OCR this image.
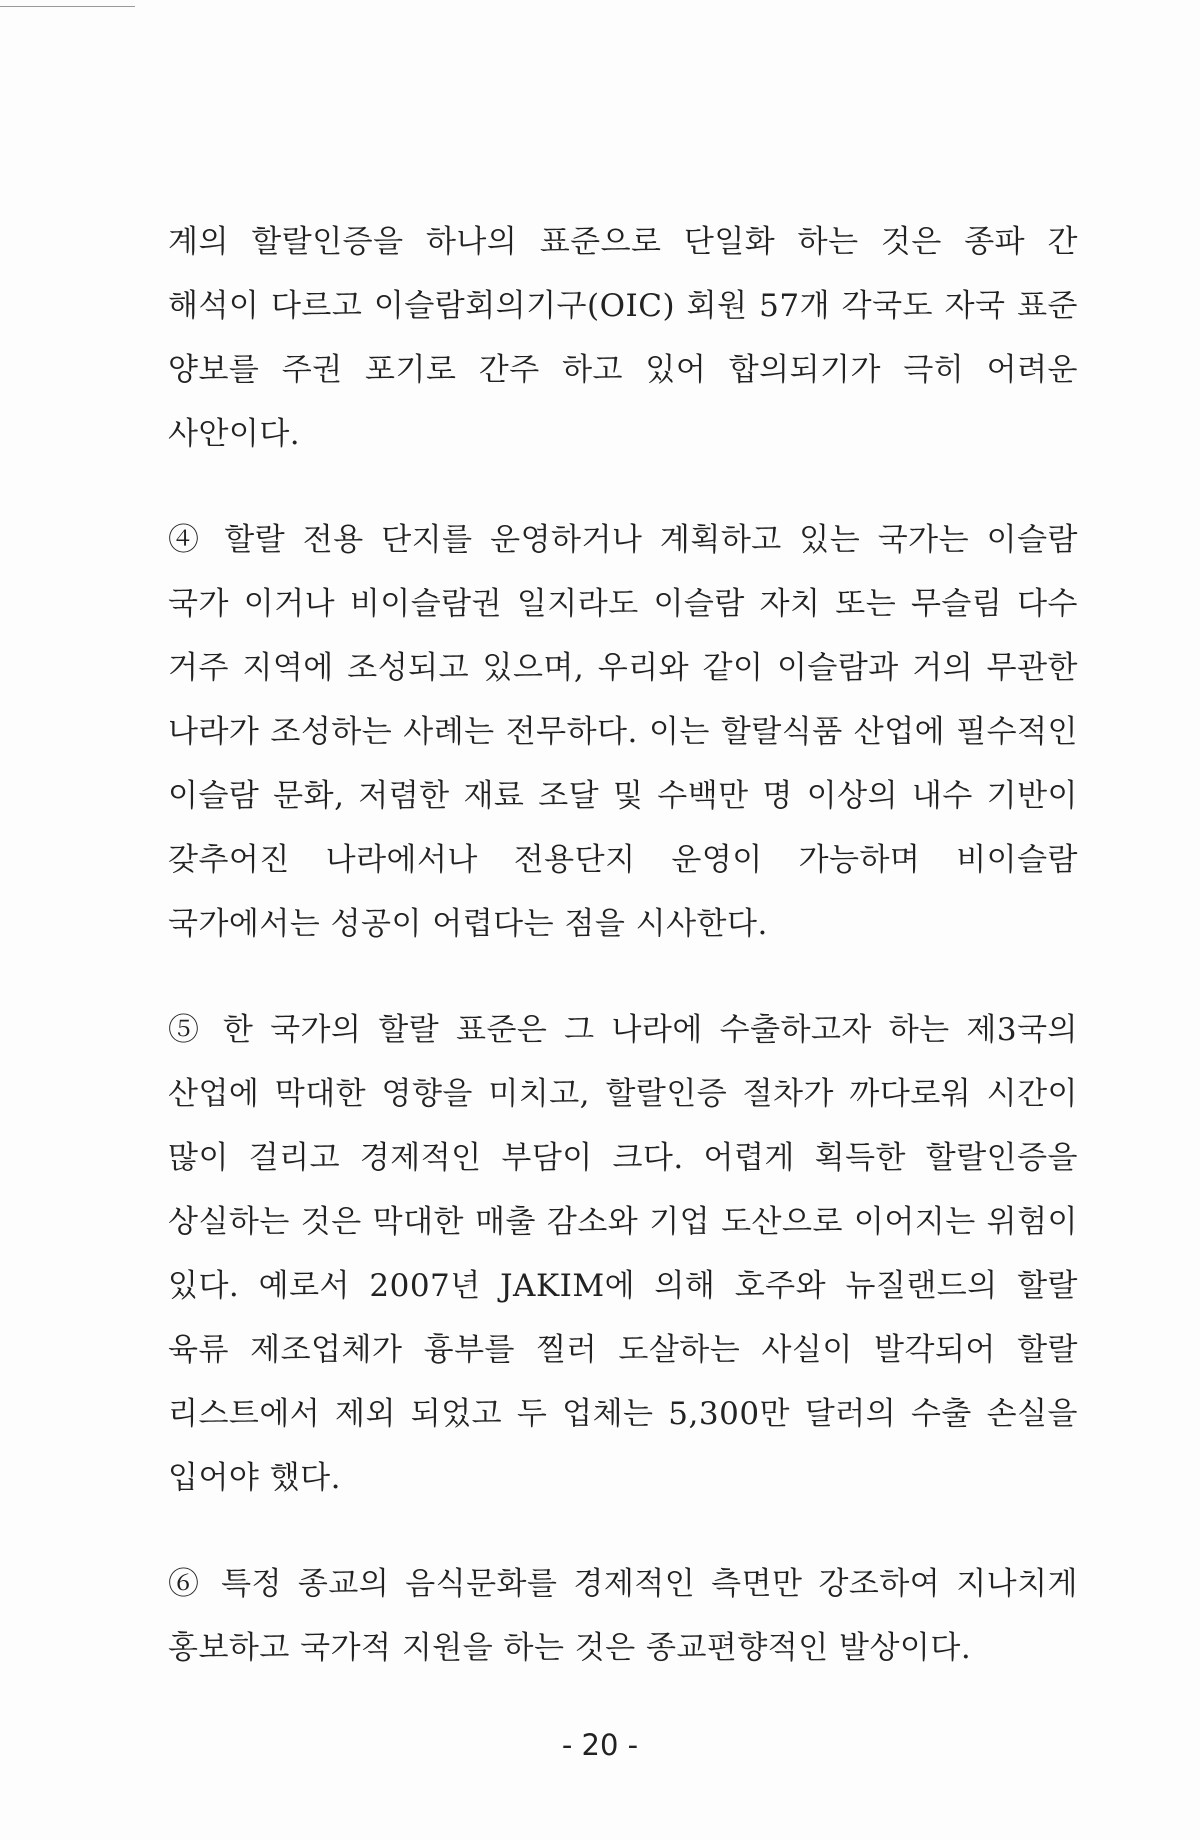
계의 할랄인증을 하나의 표준으로 단일화 하는 것은 종파 간 해석이 다르고 이슬람회의기구(OIC) 회원 57개 각국도 자국 표준 양보를 주권 포기로 간주 하고 있어 합의되기가 극히 어려운 사안이다.

④ 할랄 전용 단지를 운영하거나 계획하고 있는 국가는 이슬람 국가 이거나 비이슬람권 일지라도 이슬람 자치 또는 무슬림 다수 거주 지역에 조성되고 있으며, 우리와 같이 이슬람과 거의 무관한 나라가 조성하는 사례는 전무하다. 이는 할랄식품 산업에 필수적인 이슬람 문화, 저렴한 재료 조달 및 수백만 명 이상의 내수 기반이 갖추어진 나라에서나 전용단지 운영이 가능하며 비이슬람 국가에서는 성공이 어렵다는 점을 시사한다.

⑤ 한 국가의 할랄 표준은 그 나라에 수출하고자 하는 제3국의 산업에 막대한 영향을 미치고, 할랄인증 절차가 까다로워 시간이 많이 걸리고 경제적인 부담이 크다. 어렵게 획득한 할랄인증을 상실하는 것은 막대한 매출 감소와 기업 도산으로 이어지는 위험이 있다. 예로서 2007년 JAKIM에 의해 호주와 뉴질랜드의 할랄 육류 제조업체가 흉부를 찔러 도살하는 사실이 발각되어 할랄 리스트에서 제외 되었고 두 업체는 5,300만 달러의 수출 손실을 입어야 했다.

⑥ 특정 종교의 음식문화를 경제적인 측면만 강조하여 지나치게 홍보하고 국가적 지원을 하는 것은 종교편향적인 발상이다.

- 20 -
